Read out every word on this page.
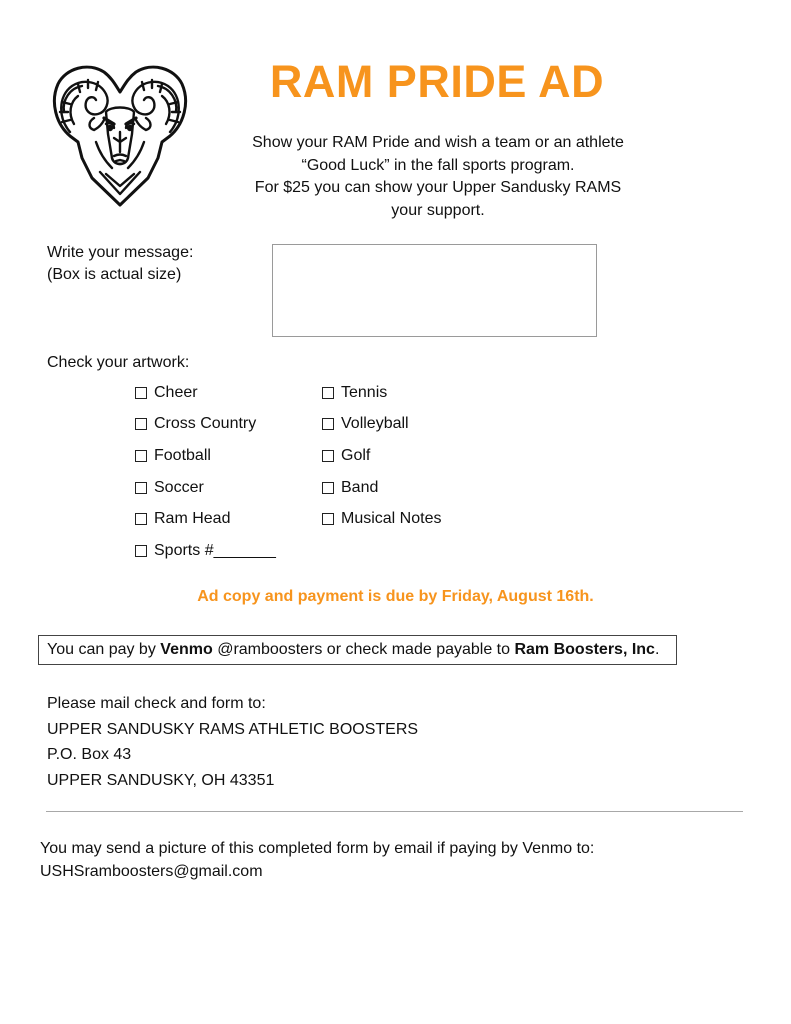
RAM PRIDE AD
Show your RAM Pride and wish a team or an athlete
“Good Luck” in the fall sports program.
For $25 you can show your Upper Sandusky RAMS
your support.
Write your message:
(Box is actual size)
Check your artwork:
Cheer
Cross Country
Football
Soccer
Ram Head
Sports #_______
Tennis
Volleyball
Golf
Band
Musical Notes
Ad copy and payment is due by Friday, August 16th.
You can pay by Venmo @ramboosters or check made payable to Ram Boosters, Inc.
Please mail check and form to:
UPPER SANDUSKY RAMS ATHLETIC BOOSTERS
P.O. Box 43
UPPER SANDUSKY, OH 43351
You may send a picture of this completed form by email if paying by Venmo to:
USHSramboosters@gmail.com
